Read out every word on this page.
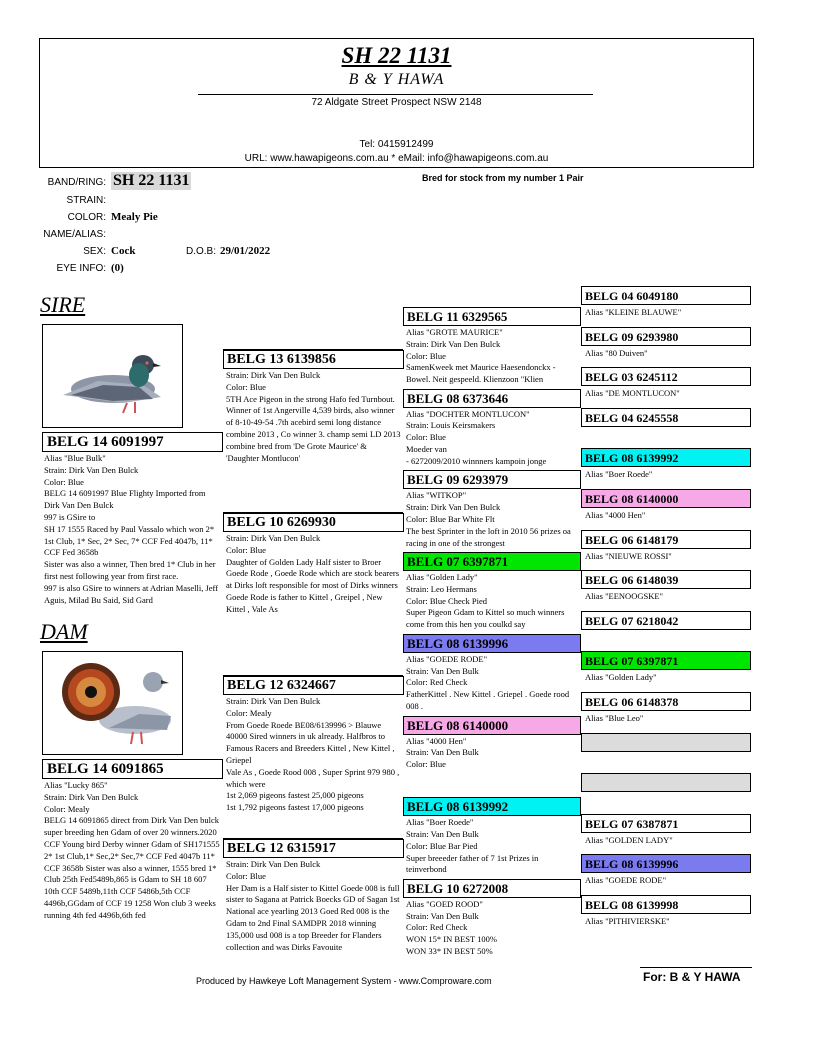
SH 22 1131
B & Y HAWA
72 Aldgate Street Prospect NSW 2148
Tel: 0415912499
URL: www.hawapigeons.com.au * eMail: info@hawapigeons.com.au
BAND/RING: SH 22 1131	Bred for stock from my number 1 Pair
STRAIN:
COLOR: Mealy Pie
NAME/ALIAS:
SEX: Cock	D.O.B: 29/01/2022
EYE INFO: (0)
SIRE
BELG 14 6091997
Alias "Blue Bulk"
Strain: Dirk Van Den Bulck
Color: Blue
BELG 14 6091997 Blue Flighty Imported from Dirk Van Den Bulck
997 is GSire to
SH 17 1555 Raced by Paul Vassalo which won 2* 1st Club, 1* Sec, 2* Sec, 7* CCF Fed 4047b, 11* CCF Fed 3658b
Sister was also a winner, Then bred 1* Club in her first nest following year from first race.
997 is also GSire to winners at Adrian Maselli, Jeff Aguis, Milad Bu Said, Sid Gard
DAM
BELG 14 6091865
Alias "Lucky 865"
Strain: Dirk Van Den Bulck
Color: Mealy
BELG 14 6091865 direct from Dirk Van Den bulck super breeding hen Gdam of over 20 winners.2020 CCF Young bird Derby winner Gdam of SH171555 2* 1st Club,1* Sec,2* Sec,7* CCF Fed 4047b 11* CCF 3658b Sister was also a winner, 1555 bred 1* Club 25th Fed5489b,865 is Gdam to SH 18 607 10th CCF 5489b,11th CCF 5486b,5th CCF 4496b,GGdam of CCF 19 1258 Won club 3 weeks running 4th fed 4496b,6th fed
BELG 13 6139856
Strain: Dirk Van Den Bulck
Color: Blue
5TH Ace Pigeon in the strong Hafo fed Turnbout.
Winner of 1st Angerville 4,539 birds, also winner of 8-10-49-54 .7th acebird semi long distance combine 2013 , Co winner 3. champ semi LD 2013 combine bred from 'De Grote Maurice' & 'Daughter Montlucon'
BELG 10 6269930
Strain: Dirk Van Den Bulck
Color: Blue
Daughter of Golden Lady Half sister to Broer Goede Rode , Goede Rode which are stock bearers at Dirks loft responsible for most of Dirks winners Goede Rode is father to Kittel , Greipel , New Kittel , Vale As
BELG 12 6324667
Strain: Dirk Van Den Bulck
Color: Mealy
From Goede Roede BE08/6139996 > Blauwe 40000 Sired winners in uk already. Halfbros to Famous Racers and Breeders Kittel , New Kittel , Griepel
Vale As , Goede Rood 008 , Super Sprint 979 980 , which were
1st 2,069 pigeons fastest 25,000 pigeons
1st 1,792 pigeons fastest 17,000 pigeons
BELG 12 6315917
Strain: Dirk Van Den Bulck
Color: Blue
Her Dam is a Half sister to Kittel Goede 008 is full sister to Sagana at Patrick Boecks GD of Sagan 1st National ace yearling 2013 Goed Red 008 is the Gdam to 2nd Final SAMDPR 2018 winning 135,000 usd 008 is a top Breeder for Flanders collection and was Dirks Favouite
BELG 11 6329565
Alias "GROTE MAURICE"
Strain: Dirk Van Den Bulck
Color: Blue
SamenKweek met Maurice Haesendonckx - Bowel. Neit gespeeld. Klienzoon "Klien
BELG 08 6373646
Alias "DOCHTER MONTLUCON"
Strain: Louis Keirsmakers
Color: Blue
Moeder van
- 6272009/2010 winnners kampoin jonge
BELG 09 6293979
Alias "WITKOP"
Strain: Dirk Van Den Bulck
Color: Blue Bar White Flt
The best Sprinter in the loft in 2010 56 prizes oa racing in one of the strongest
BELG 07 6397871
Alias "Golden Lady"
Strain: Leo Hermans
Color: Blue Check Pied
Super Pigeon Gdam to Kittel so much winners come from this hen you coulkd say
BELG 08 6139996
Alias "GOEDE RODE"
Strain: Van Den Bulk
Color: Red Check
FatherKittel . New Kittel . Griepel . Goede rood 008 .
BELG 08 6140000
Alias "4000 Hen"
Strain: Van Den Bulk
Color: Blue
BELG 08 6139992
Alias "Boer Roede"
Strain: Van Den Bulk
Color: Blue Bar Pied
Super breeeder father of 7 1st Prizes in teinverbond
BELG 10 6272008
Alias "GOED ROOD"
Strain: Van Den Bulk
Color: Red Check
WON 15* IN BEST 100%
WON 33* IN BEST 50%
BELG 04 6049180
Alias "KLEINE BLAUWE"
BELG 09 6293980
Alias "80 Duiven"
BELG 03 6245112
Alias "DE MONTLUCON"
BELG 04 6245558
BELG 08 6139992
Alias "Boer Roede"
BELG 08 6140000
Alias "4000 Hen"
BELG 06 6148179
Alias "NIEUWE ROSSI"
BELG 06 6148039
Alias "EENOOGSKE"
BELG 07 6218042
BELG 07 6397871
Alias "Golden Lady"
BELG 06 6148378
Alias "Blue Leo"
BELG 07 6387871
Alias "GOLDEN LADY"
BELG 08 6139996
Alias "GOEDE RODE"
BELG 08 6139998
Alias "PITHIVIERSKE"
Produced by Hawkeye Loft Management System - www.Comproware.com	For: B & Y HAWA
